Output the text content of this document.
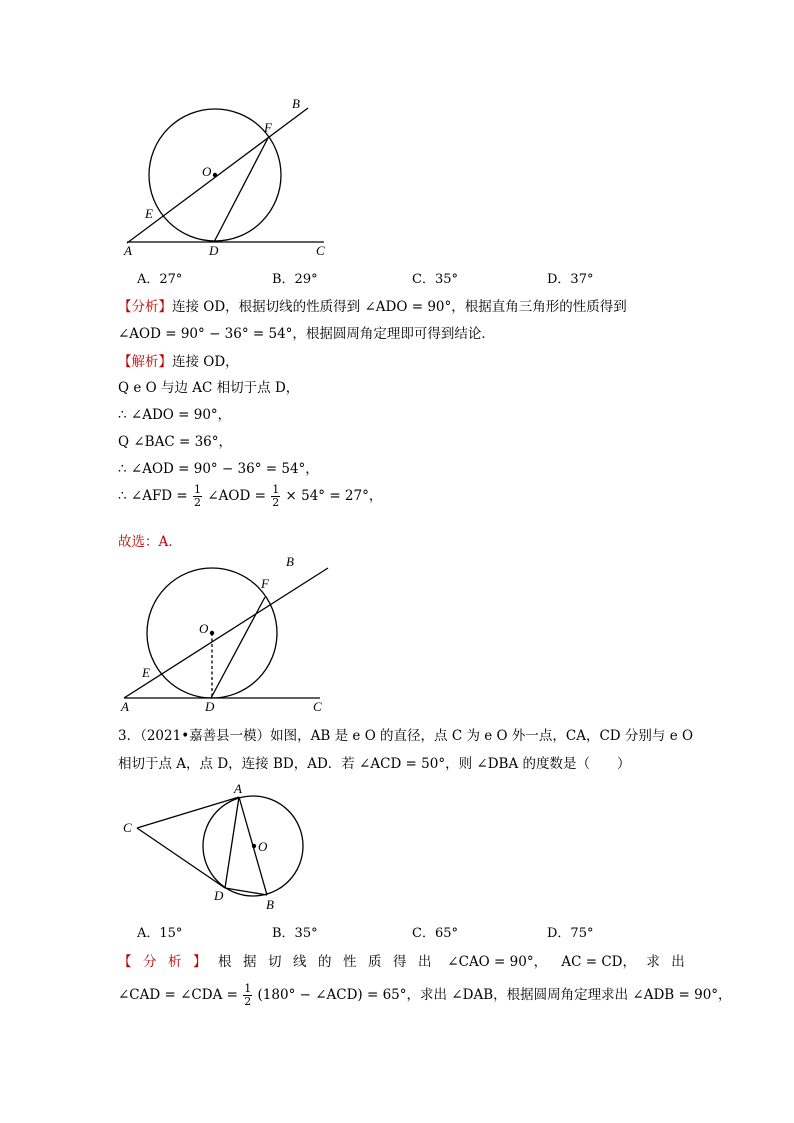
B
F
O
E
A	D	C
A．27°	B．29°	C．35°	D．37°
【分析】连接 OD，根据切线的性质得到 ∠ADO = 90°，根据直角三角形的性质得到
∠AOD = 90° − 36° = 54°，根据圆周角定理即可得到结论．
【解析】连接 OD，
Q e O 与边 AC 相切于点 D，
∴ ∠ADO = 90°，
Q ∠BAC = 36°，
∴ ∠AOD = 90° − 36° = 54°，
∴ ∠AFD = $\frac{1}{2}$ ∠AOD = $\frac{1}{2} \times 54^\circ = 27^\circ$，
故选：A．
B
F
O
E
A	D	C
3．（2021•嘉善县一模）如图，AB 是 e O 的直径，点 C 为 e O 外一点，CA，CD 分别与 e O
相切于点 A，点 D，连接 BD，AD．若 ∠ACD = 50°，则 ∠DBA 的度数是（　　）
A
C
O
D
B
A．15°	B．35°	C．65°	D．75°
【分析】根据切线的性质得出 ∠CAO = 90°， AC = CD， 求出
∠CAD = ∠CDA = $\frac{1}{2} (180^\circ$ − ∠ACD) = 65°，求出 ∠DAB，根据圆周角定理求出 ∠ADB = 90°，
